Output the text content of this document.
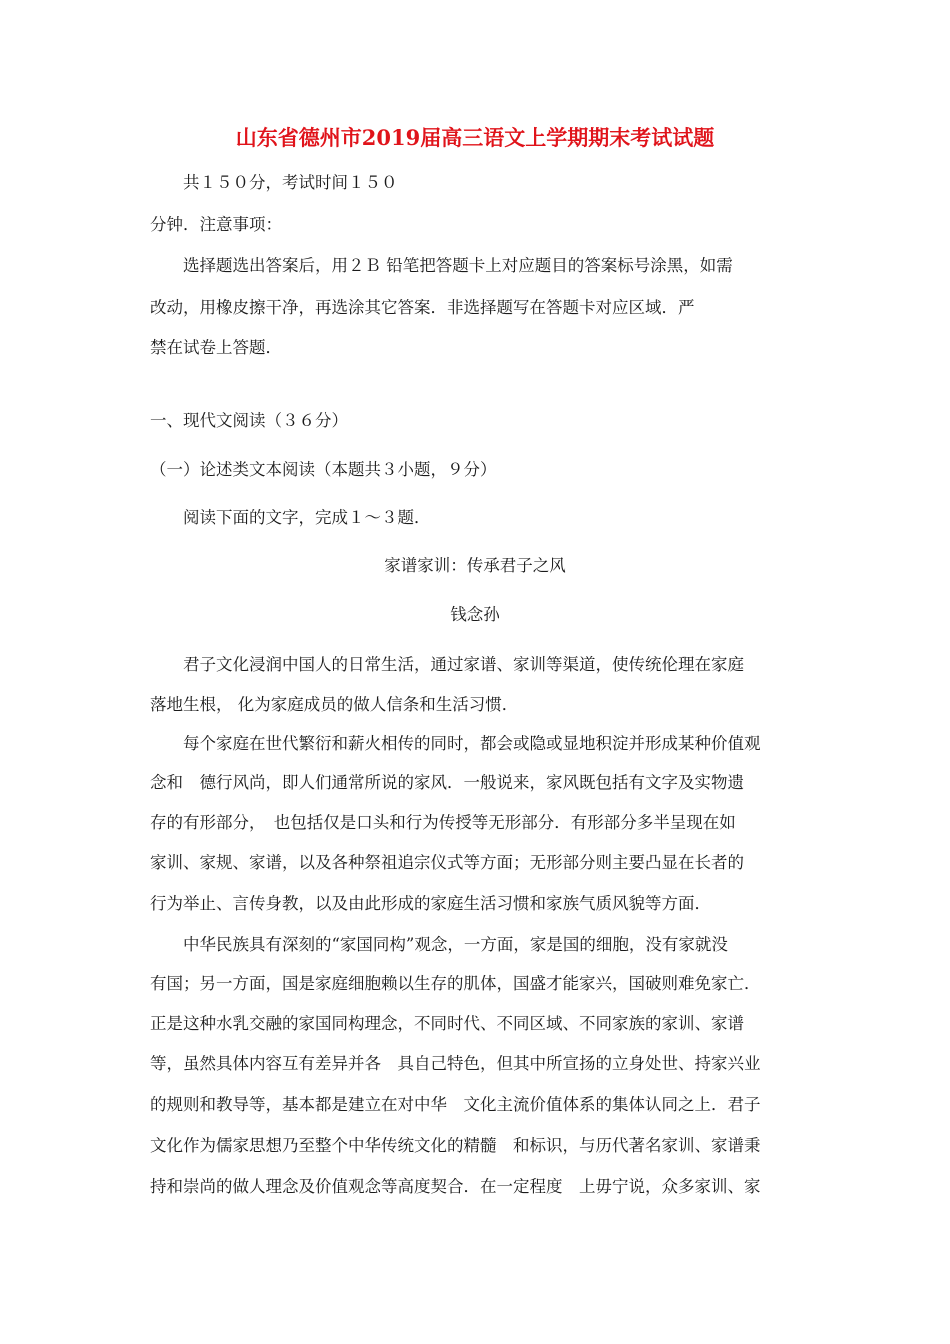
山东省德州市2019届高三语文上学期期末考试试题
共１５０分，考试时间１５０
分钟．注意事项：
选择题选出答案后，用２Ｂ 铅笔把答题卡上对应题目的答案标号涂黑，如需
改动，用橡皮擦干净，再选涂其它答案．非选择题写在答题卡对应区域．严
禁在试卷上答题．
一、现代文阅读（３６分）
（一）论述类文本阅读（本题共３小题，９分）
阅读下面的文字，完成１～３题．
家谱家训：传承君子之风
钱念孙
君子文化浸润中国人的日常生活，通过家谱、家训等渠道，使传统伦理在家庭
落地生根， 化为家庭成员的做人信条和生活习惯．
每个家庭在世代繁衍和薪火相传的同时，都会或隐或显地积淀并形成某种价值观
念和　德行风尚，即人们通常所说的家风．一般说来，家风既包括有文字及实物遗
存的有形部分，　也包括仅是口头和行为传授等无形部分．有形部分多半呈现在如
家训、家规、家谱，以及各种祭祖追宗仪式等方面；无形部分则主要凸显在长者的
行为举止、言传身教，以及由此形成的家庭生活习惯和家族气质风貌等方面．
中华民族具有深刻的“家国同构”观念，一方面，家是国的细胞，没有家就没
有国；另一方面，国是家庭细胞赖以生存的肌体，国盛才能家兴，国破则难免家亡．
正是这种水乳交融的家国同构理念，不同时代、不同区域、不同家族的家训、家谱
等，虽然具体内容互有差异并各　具自己特色，但其中所宣扬的立身处世、持家兴业
的规则和教导等，基本都是建立在对中华　文化主流价值体系的集体认同之上．君子
文化作为儒家思想乃至整个中华传统文化的精髓　和标识，与历代著名家训、家谱秉
持和崇尚的做人理念及价值观念等高度契合．在一定程度　上毋宁说，众多家训、家
